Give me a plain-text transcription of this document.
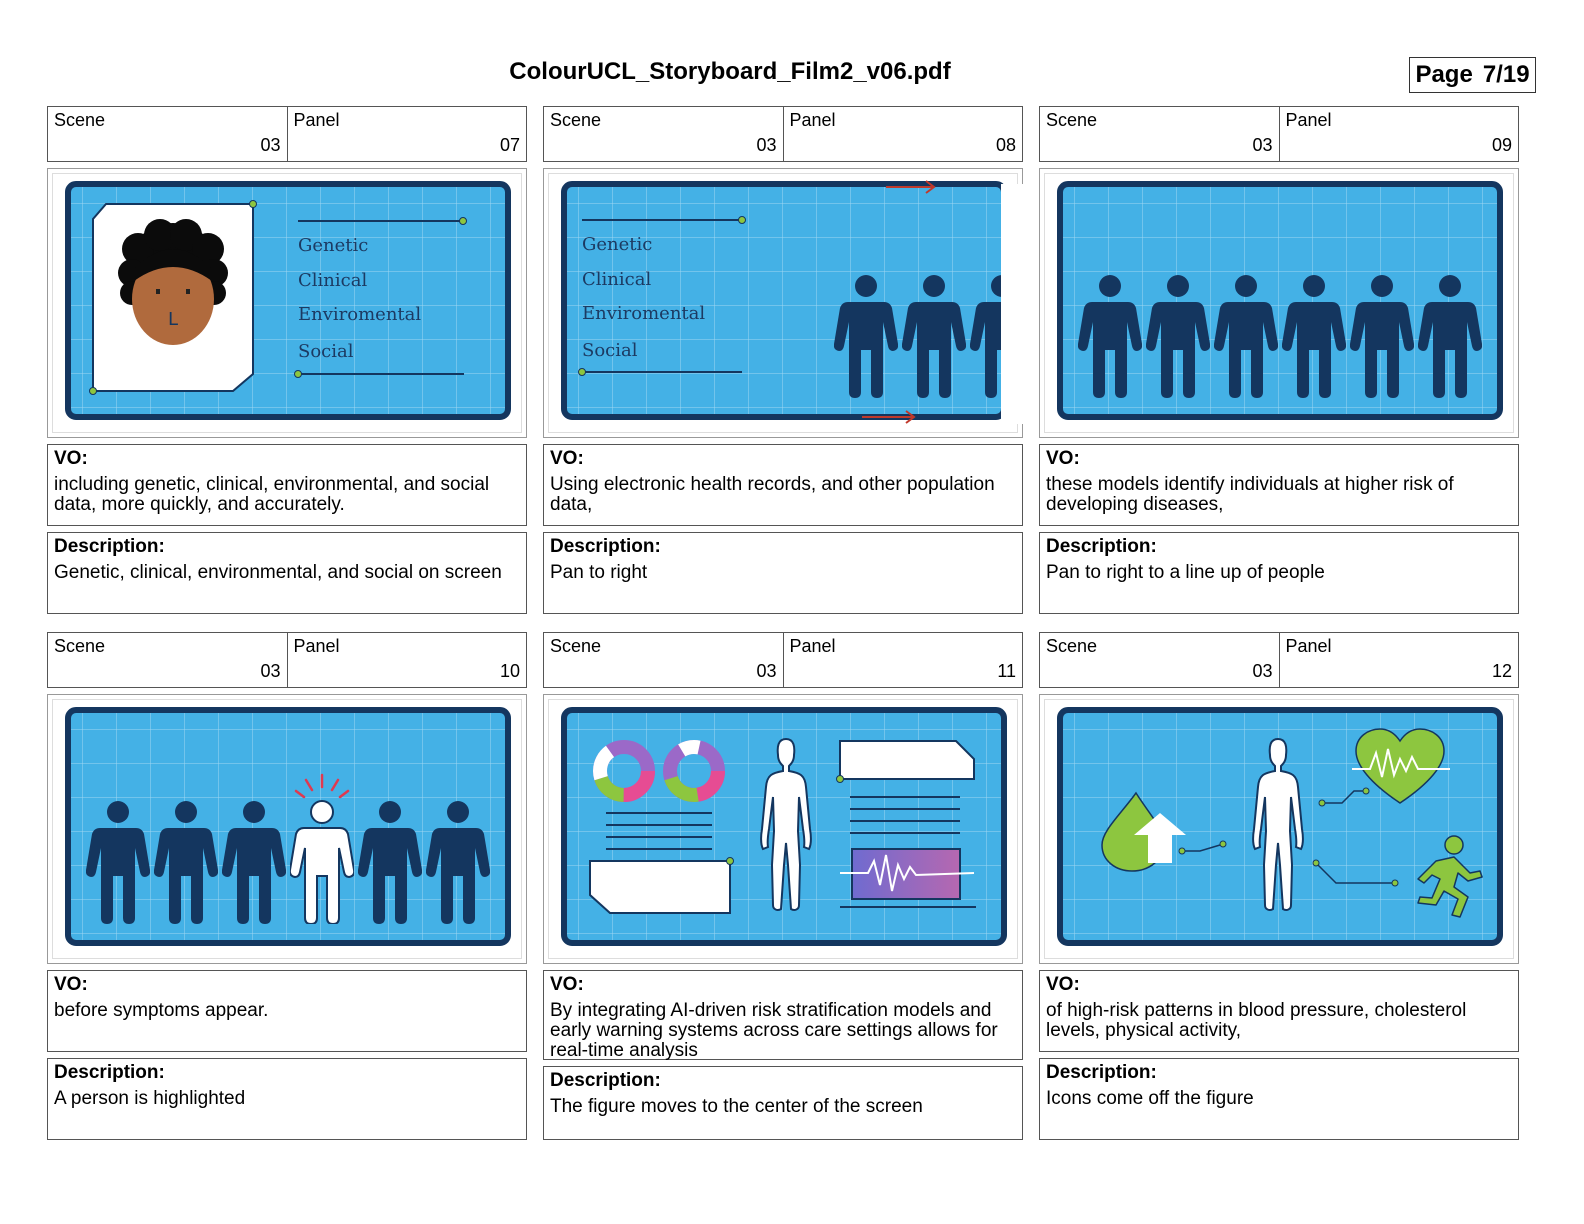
ColourUCL_Storyboard_Film2_v06.pdf	Page 7/19
Scene
03
Panel
07
L
Genetic
Clinical
Enviromental
Social
VO:
including genetic, clinical, environmental, and social data, more quickly, and accurately.
Description:
Genetic, clinical, environmental, and social on screen
Scene
03
Panel
08
Genetic
Clinical
Enviromental
Social
VO:
Using electronic health records, and other population data,
Description:
Pan to right
Scene
03
Panel
09
VO:
these models identify individuals at higher risk of developing diseases,
Description:
Pan to right to a line up of people
Scene
03
Panel
10
VO:
before symptoms appear.
Description:
A person is highlighted
Scene
03
Panel
11
VO:
By integrating AI-driven risk stratification models and early warning systems across care settings allows for real-time analysis
Description:
The figure moves to the center of the screen
Scene
03
Panel
12
VO:
of high-risk patterns in blood pressure, cholesterol levels, physical activity,
Description:
Icons come off the figure
